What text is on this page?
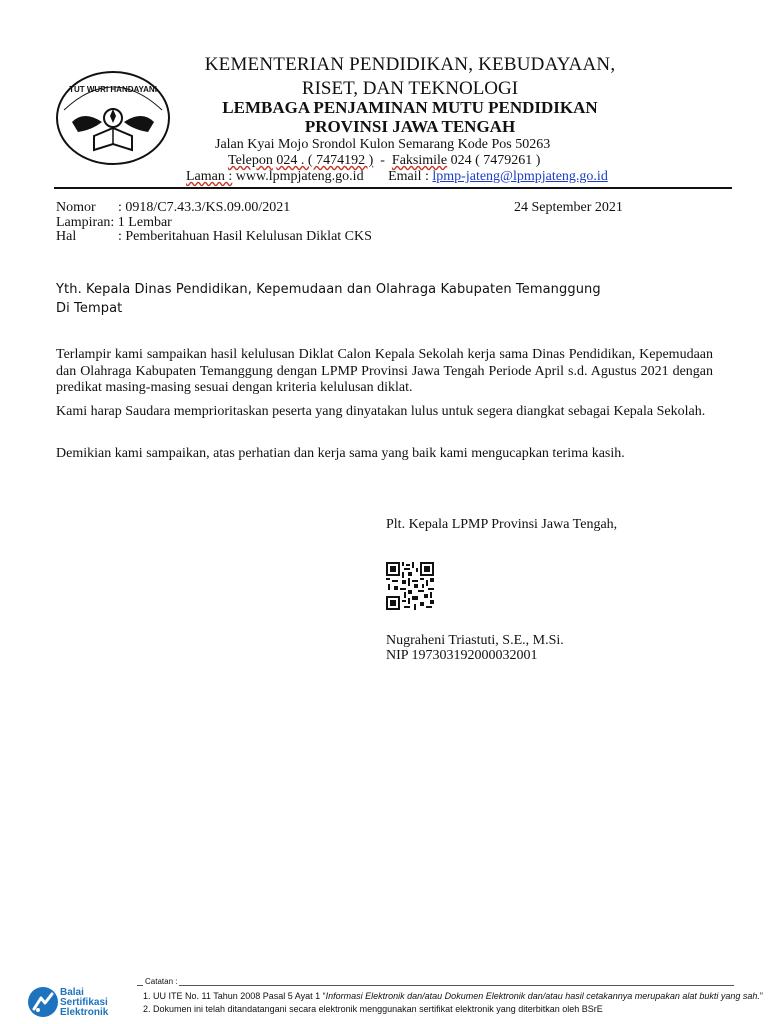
TUT WURI HANDAYANI
KEMENTERIAN PENDIDIKAN, KEBUDAYAAN,
RISET, DAN TEKNOLOGI
LEMBAGA PENJAMINAN MUTU PENDIDIKAN
PROVINSI JAWA TENGAH
Jalan Kyai Mojo Srondol Kulon Semarang Kode Pos 50263
Telepon 024 . ( 7474192 )  -  Faksimile 024 ( 7479261 )
Laman : www.lpmpjateng.go.id Email : lpmp-jateng@lpmpjateng.go.id
Nomor : 0918/C7.43.3/KS.09.00/2021	24 September 2021
Lampiran: 1 Lembar
Hal	: Pemberitahuan Hasil Kelulusan Diklat CKS
Yth. Kepala Dinas Pendidikan, Kepemudaan dan Olahraga Kabupaten Temanggung
Di Tempat
Terlampir kami sampaikan hasil kelulusan Diklat Calon Kepala Sekolah kerja sama Dinas Pendidikan, Kepemudaan dan Olahraga Kabupaten Temanggung dengan LPMP Provinsi Jawa Tengah Periode April s.d. Agustus 2021 dengan predikat masing-masing sesuai dengan kriteria kelulusan diklat.
Kami harap Saudara memprioritaskan peserta yang dinyatakan lulus untuk segera diangkat sebagai Kepala Sekolah.
Demikian kami sampaikan, atas perhatian dan kerja sama yang baik kami mengucapkan terima kasih.
Plt. Kepala LPMP Provinsi Jawa Tengah,
Nugraheni Triastuti, S.E., M.Si.
NIP 197303192000032001
Balai
Sertifikasi
Elektronik
Catatan :
1. UU ITE No. 11 Tahun 2008 Pasal 5 Ayat 1 “Informasi Elektronik dan/atau Dokumen Elektronik dan/atau hasil cetakannya merupakan alat bukti yang sah.”
2. Dokumen ini telah ditandatangani secara elektronik menggunakan sertifikat elektronik yang diterbitkan oleh BSrE
